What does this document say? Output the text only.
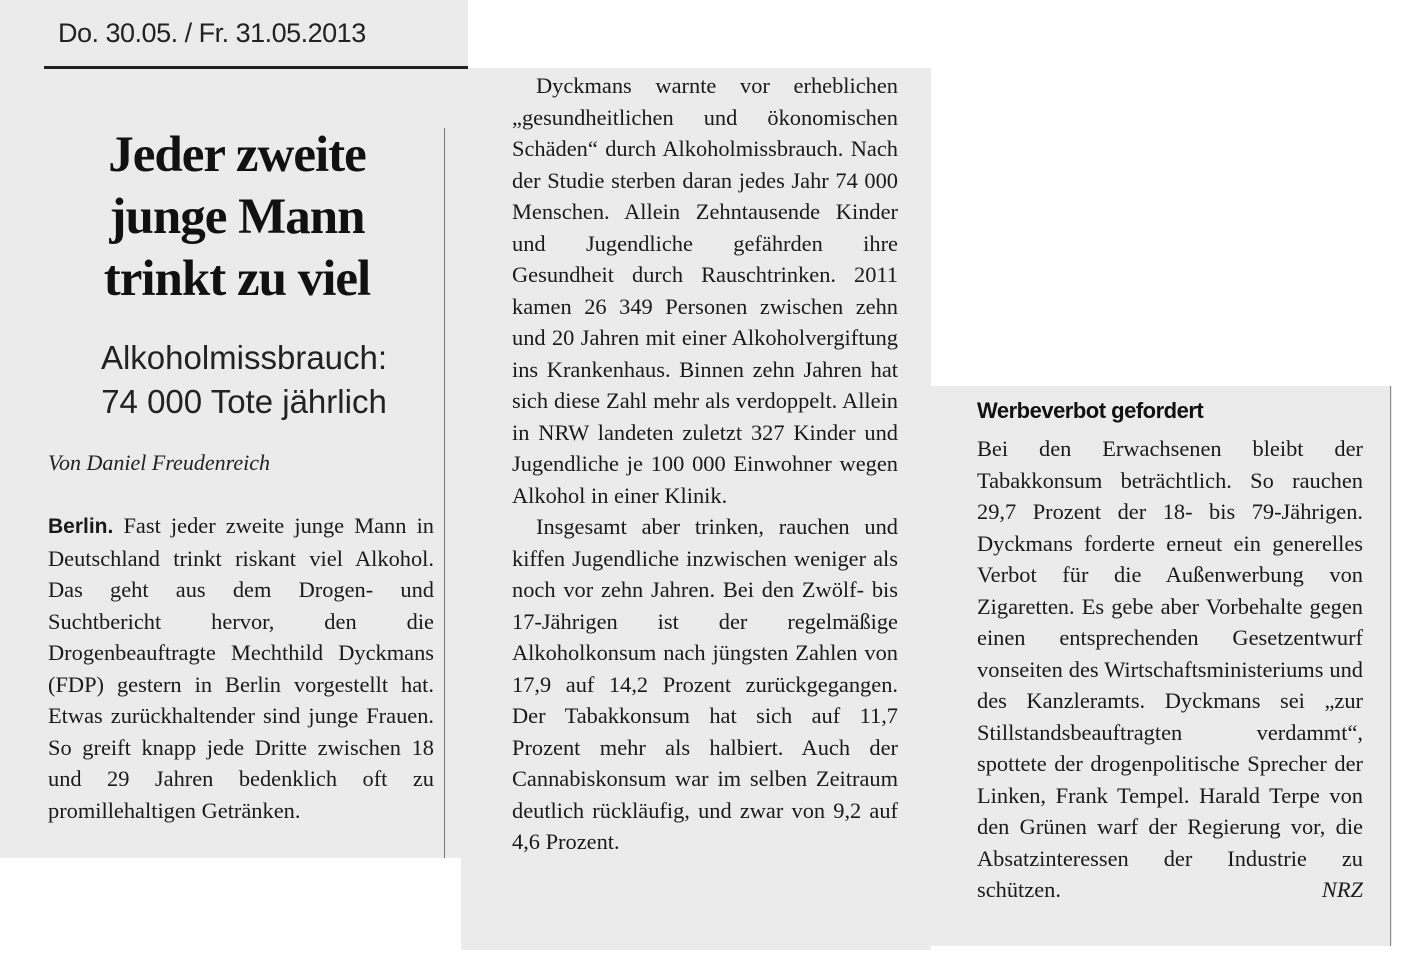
Do. 30.05. / Fr. 31.05.2013
Jeder zweite
junge Mann
trinkt zu viel
Alkoholmissbrauch:
74 000 Tote jährlich
Von Daniel Freudenreich

Berlin. Fast jeder zweite junge Mann in Deutschland trinkt riskant viel Alkohol. Das geht aus dem Drogen- und Suchtbericht hervor, den die Drogenbeauftragte Mechthild Dyckmans (FDP) gestern in Berlin vorgestellt hat. Etwas zurückhaltender sind junge Frauen. So greift knapp jede Dritte zwischen 18 und 29 Jahren bedenklich oft zu promillehaltigen Getränken.

Dyckmans warnte vor erheblichen „gesundheitlichen und ökonomischen Schäden“ durch Alkoholmissbrauch. Nach der Studie sterben daran jedes Jahr 74 000 Menschen. Allein Zehntausende Kinder und Jugendliche gefährden ihre Gesundheit durch Rauschtrinken. 2011 kamen 26 349 Personen zwischen zehn und 20 Jahren mit einer Alkoholvergiftung ins Krankenhaus. Binnen zehn Jahren hat sich diese Zahl mehr als verdoppelt. Allein in NRW landeten zuletzt 327 Kinder und Jugendliche je 100 000 Einwohner wegen Alkohol in einer Klinik.

Insgesamt aber trinken, rauchen und kiffen Jugendliche inzwischen weniger als noch vor zehn Jahren. Bei den Zwölf- bis 17-Jährigen ist der regelmäßige Alkoholkonsum nach jüngsten Zahlen von 17,9 auf 14,2 Prozent zurückgegangen. Der Tabakkonsum hat sich auf 11,7 Prozent mehr als halbiert. Auch der Cannabiskonsum war im selben Zeitraum deutlich rückläufig, und zwar von 9,2 auf 4,6 Prozent.

Werbeverbot gefordert

Bei den Erwachsenen bleibt der Tabakkonsum beträchtlich. So rauchen 29,7 Prozent der 18- bis 79-Jährigen. Dyckmans forderte erneut ein generelles Verbot für die Außenwerbung von Zigaretten. Es gebe aber Vorbehalte gegen einen entsprechenden Gesetzentwurf vonseiten des Wirtschaftsministeriums und des Kanzleramts. Dyckmans sei „zur Stillstandsbeauftragten verdammt“, spottete der drogenpolitische Sprecher der Linken, Frank Tempel. Harald Terpe von den Grünen warf der Regierung vor, die Absatzinteressen der Industrie zu schützen.	NRZ
